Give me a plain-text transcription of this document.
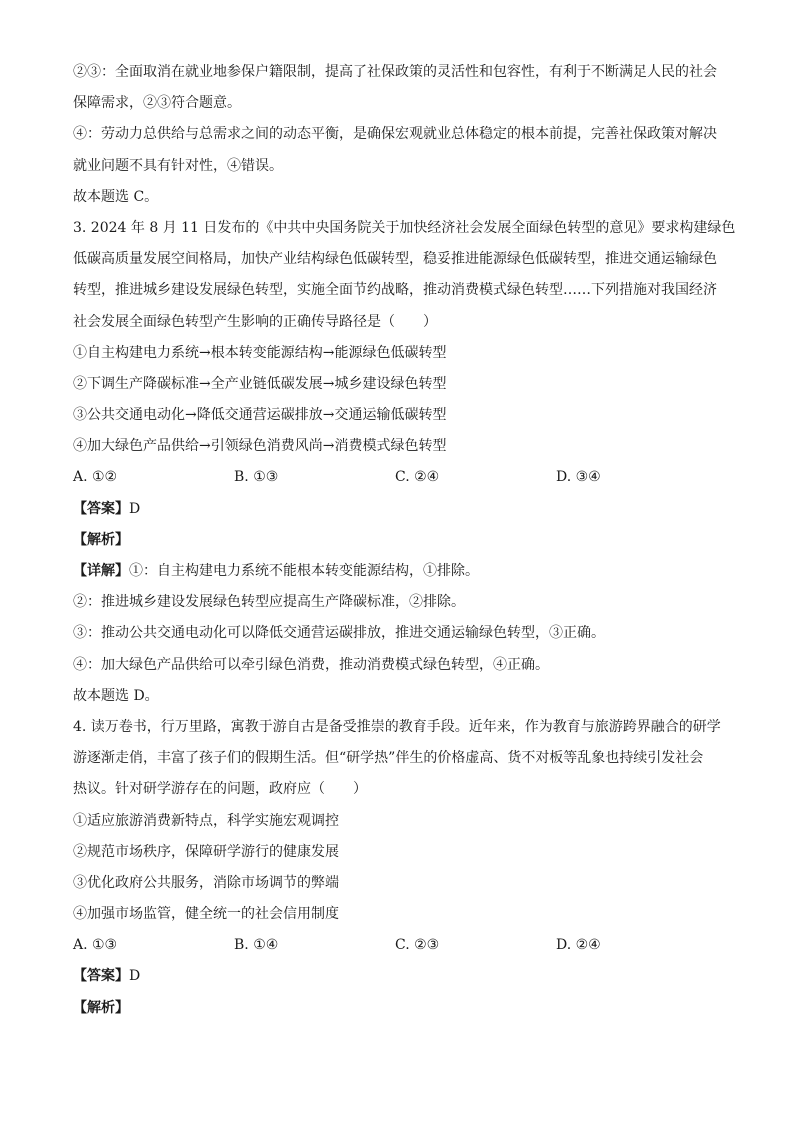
②③：全面取消在就业地参保户籍限制，提高了社保政策的灵活性和包容性，有利于不断满足人民的社会
保障需求，②③符合题意。
④：劳动力总供给与总需求之间的动态平衡，是确保宏观就业总体稳定的根本前提，完善社保政策对解决
就业问题不具有针对性，④错误。
故本题选 C。
3. 2024 年 8 月 11 日发布的《中共中央国务院关于加快经济社会发展全面绿色转型的意见》要求构建绿色
低碳高质量发展空间格局，加快产业结构绿色低碳转型，稳妥推进能源绿色低碳转型，推进交通运输绿色
转型，推进城乡建设发展绿色转型，实施全面节约战略，推动消费模式绿色转型……下列措施对我国经济
社会发展全面绿色转型产生影响的正确传导路径是（　　）
①自主构建电力系统→根本转变能源结构→能源绿色低碳转型
②下调生产降碳标准→全产业链低碳发展→城乡建设绿色转型
③公共交通电动化→降低交通营运碳排放→交通运输低碳转型
④加大绿色产品供给→引领绿色消费风尚→消费模式绿色转型
A. ①②	B. ①③	C. ②④	D. ③④
【答案】D
【解析】
【详解】①：自主构建电力系统不能根本转变能源结构，①排除。
②：推进城乡建设发展绿色转型应提高生产降碳标准，②排除。
③：推动公共交通电动化可以降低交通营运碳排放，推进交通运输绿色转型，③正确。
④：加大绿色产品供给可以牵引绿色消费，推动消费模式绿色转型，④正确。
故本题选 D。
4. 读万卷书，行万里路，寓教于游自古是备受推崇的教育手段。近年来，作为教育与旅游跨界融合的研学
游逐渐走俏，丰富了孩子们的假期生活。但“研学热”伴生的价格虚高、货不对板等乱象也持续引发社会
热议。针对研学游存在的问题，政府应（　　）
①适应旅游消费新特点，科学实施宏观调控
②规范市场秩序，保障研学游行的健康发展
③优化政府公共服务，消除市场调节的弊端
④加强市场监管，健全统一的社会信用制度
A. ①③	B. ①④	C. ②③	D. ②④
【答案】D
【解析】
